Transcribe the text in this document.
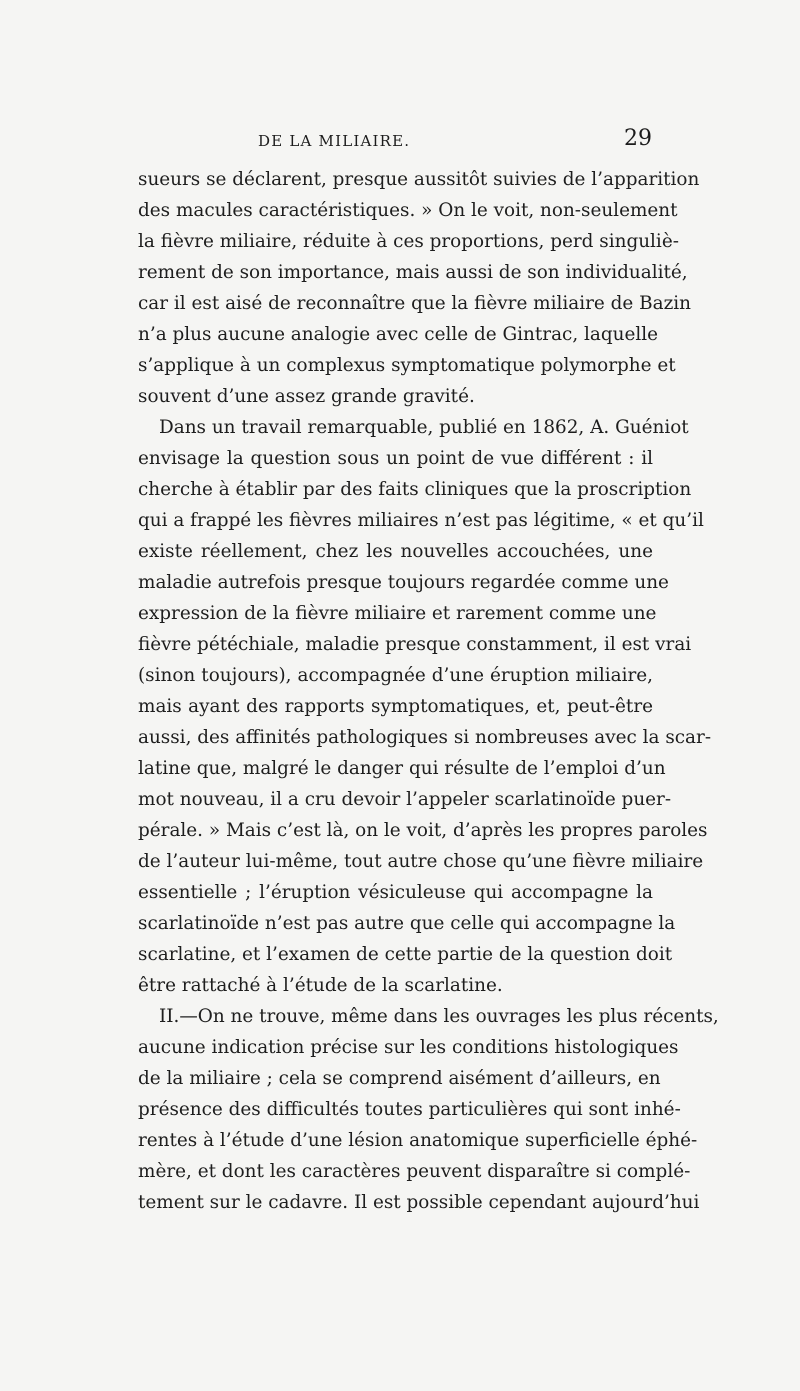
DE LA MILIAIRE.	29
sueurs se déclarent, presque aussitôt suivies de l’apparition
des macules caractéristiques. » On le voit, non-seulement
la fièvre miliaire, réduite à ces proportions, perd singuliè-
rement de son importance, mais aussi de son individualité,
car il est aisé de reconnaître que la fièvre miliaire de Bazin
n’a plus aucune analogie avec celle de Gintrac, laquelle
s’applique à un complexus symptomatique polymorphe et
souvent d’une assez grande gravité.
Dans un travail remarquable, publié en 1862, A. Guéniot
envisage la question sous un point de vue différent : il
cherche à établir par des faits cliniques que la proscription
qui a frappé les fièvres miliaires n’est pas légitime, « et qu’il
existe réellement, chez les nouvelles accouchées, une
maladie autrefois presque toujours regardée comme une
expression de la fièvre miliaire et rarement comme une
fièvre pétéchiale, maladie presque constamment, il est vrai
(sinon toujours), accompagnée d’une éruption miliaire,
mais ayant des rapports symptomatiques, et, peut-être
aussi, des affinités pathologiques si nombreuses avec la scar-
latine que, malgré le danger qui résulte de l’emploi d’un
mot nouveau, il a cru devoir l’appeler scarlatinoïde puer-
pérale. » Mais c’est là, on le voit, d’après les propres paroles
de l’auteur lui-même, tout autre chose qu’une fièvre miliaire
essentielle ; l’éruption vésiculeuse qui accompagne la
scarlatinoïde n’est pas autre que celle qui accompagne la
scarlatine, et l’examen de cette partie de la question doit
être rattaché à l’étude de la scarlatine.
II.—On ne trouve, même dans les ouvrages les plus récents,
aucune indication précise sur les conditions histologiques
de la miliaire ; cela se comprend aisément d’ailleurs, en
présence des difficultés toutes particulières qui sont inhé-
rentes à l’étude d’une lésion anatomique superficielle éphé-
mère, et dont les caractères peuvent disparaître si complé-
tement sur le cadavre. Il est possible cependant aujourd’hui
